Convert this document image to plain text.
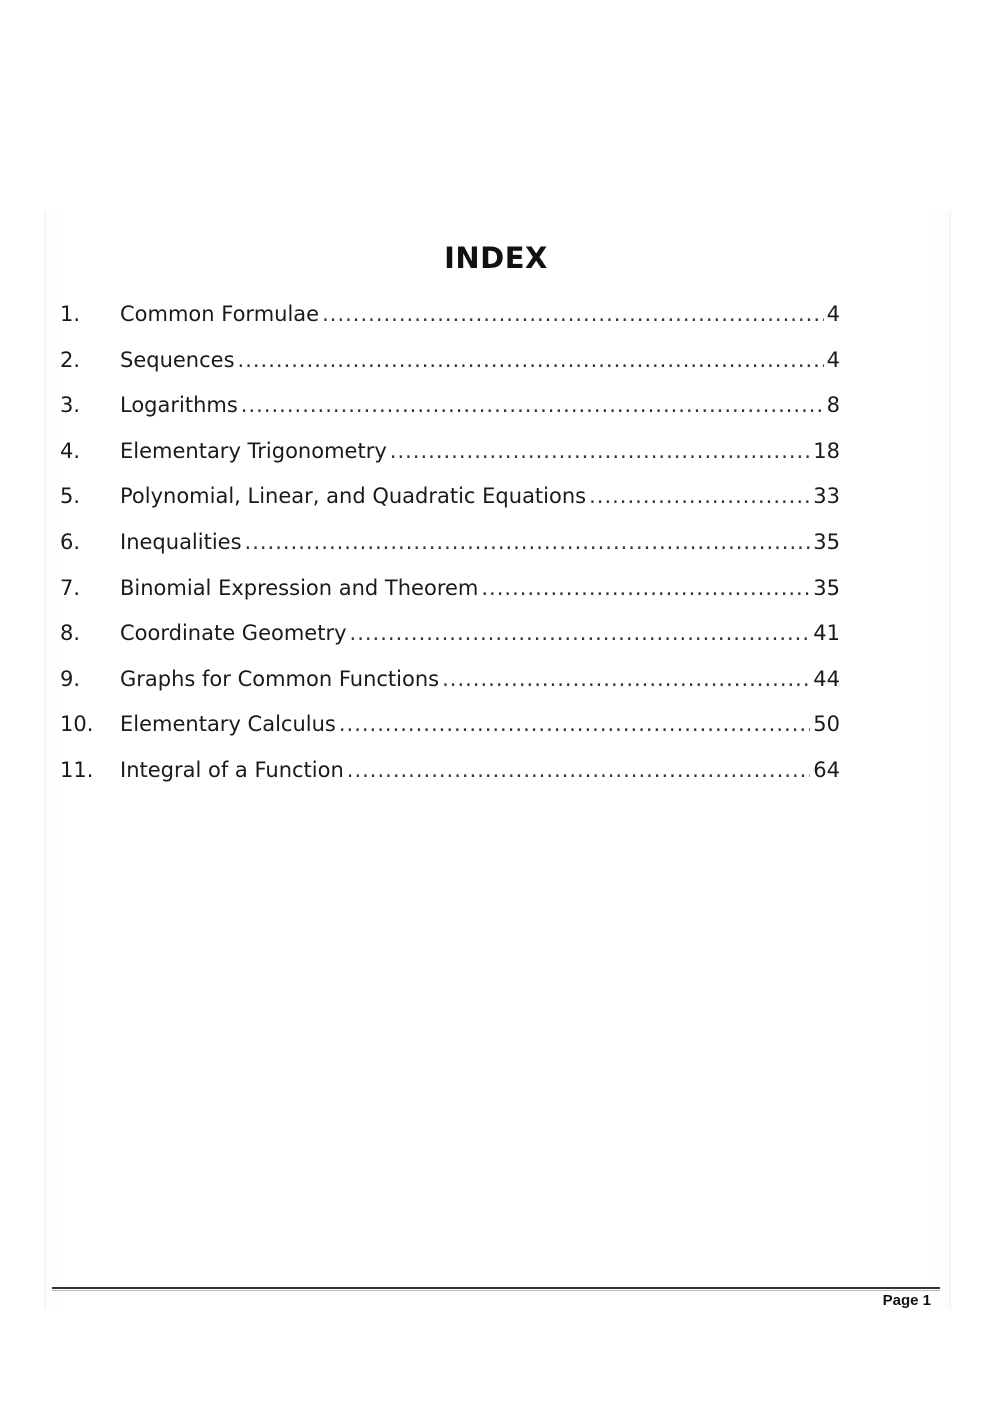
INDEX
1.	Common Formulae .....	4
2.	Sequences .....	4
3.	Logarithms .....	8
4.	Elementary Trigonometry .....	18
5.	Polynomial, Linear, and Quadratic Equations .....	33
6.	Inequalities .....	35
7.	Binomial Expression and Theorem .....	35
8.	Coordinate Geometry .....	41
9.	Graphs for Common Functions .....	44
10.	Elementary Calculus .....	50
11.	Integral of a Function .....	64
Page 1
